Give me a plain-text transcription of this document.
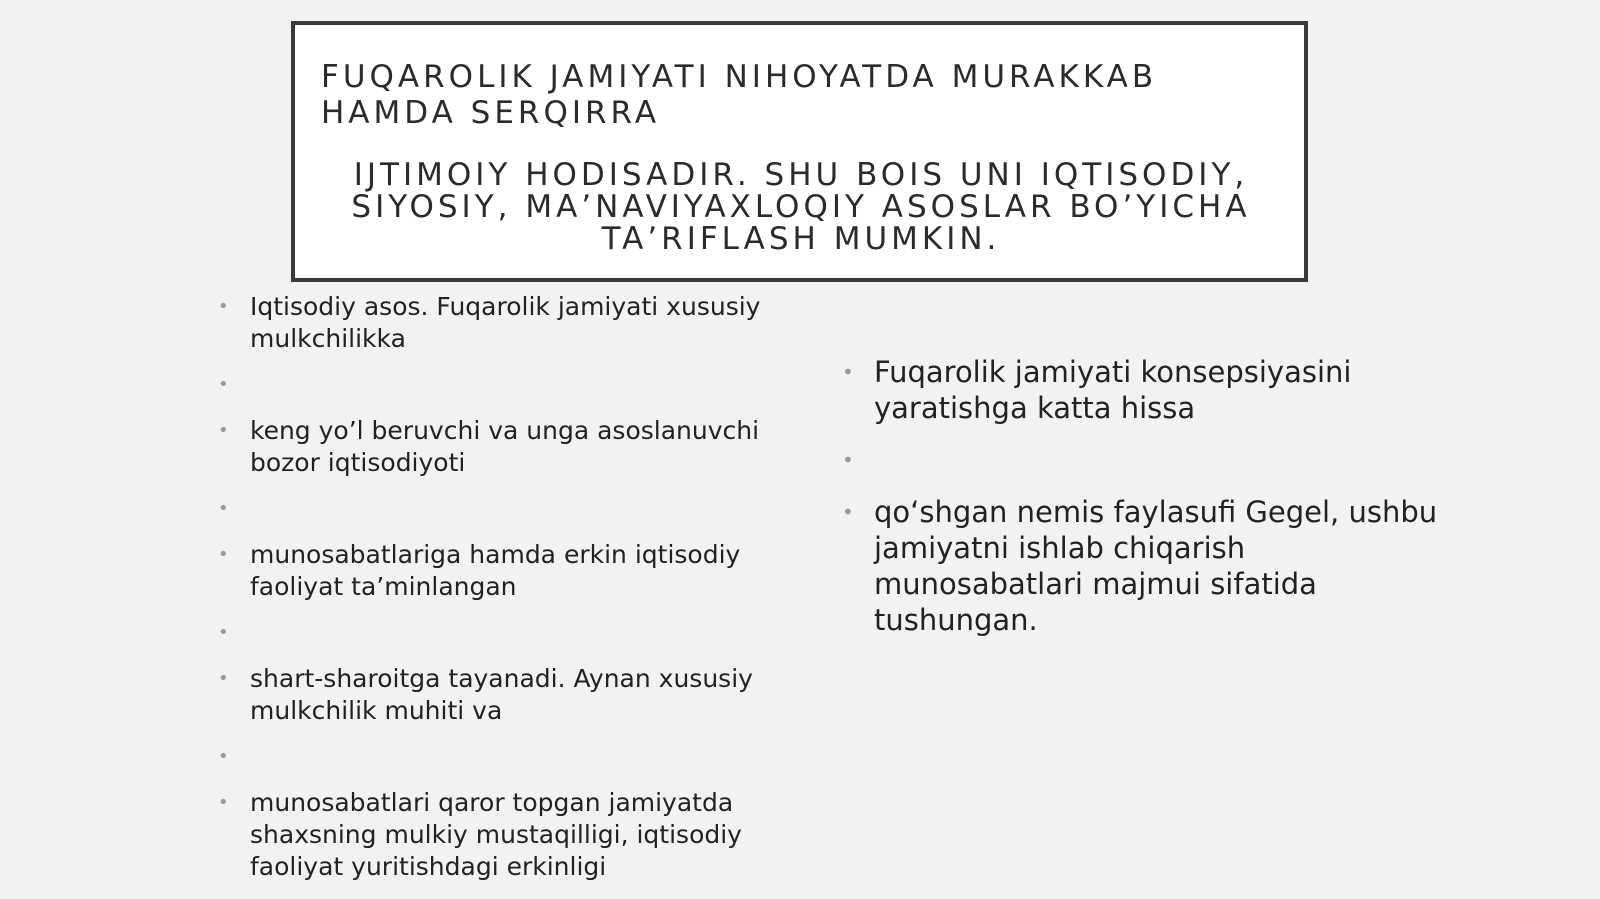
FUQAROLIK JAMIYATI NIHOYATDA MURAKKAB HAMDA SERQIRRA
IJTIMOIY HODISADIR. SHU BOIS UNI IQTISODIY, SIYOSIY, MA’NAVIYAXLOQIY ASOSLAR BO’YICHA TA’RIFLASH MUMKIN.
• Iqtisodiy asos. Fuqarolik jamiyati xususiy mulkchilikka
•
• keng yo’l beruvchi va unga asoslanuvchi bozor iqtisodiyoti
•
• munosabatlariga hamda erkin iqtisodiy faoliyat ta’minlangan
•
• shart-sharoitga tayanadi. Aynan xususiy mulkchilik muhiti va
•
• munosabatlari qaror topgan jamiyatda shaxsning mulkiy mustaqilligi, iqtisodiy faoliyat yuritishdagi erkinligi
• Fuqarolik jamiyati konsepsiyasini yaratishga katta hissa
•
• qo‘shgan nemis faylasufi Gegel, ushbu jamiyatni ishlab chiqarish munosabatlari majmui sifatida tushungan.
